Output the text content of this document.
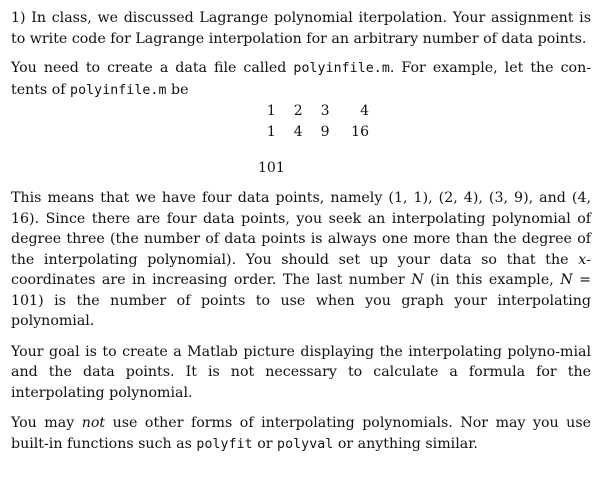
1) In class, we discussed Lagrange polynomial iterpolation. Your assignment is to write code for Lagrange interpolation for an arbitrary number of data points.

You need to create a data file called polyinfile.m. For example, let the con-tents of polyinfile.m be

1	2	3	4
1	4	9	16
101

This means that we have four data points, namely (1, 1), (2, 4), (3, 9), and (4, 16). Since there are four data points, you seek an interpolating polynomial of degree three (the number of data points is always one more than the degree of the interpolating polynomial). You should set up your data so that the x-coordinates are in increasing order. The last number N (in this example, N = 101) is the number of points to use when you graph your interpolating polynomial.

Your goal is to create a Matlab picture displaying the interpolating polyno-mial and the data points. It is not necessary to calculate a formula for the interpolating polynomial.

You may not use other forms of interpolating polynomials. Nor may you use built-in functions such as polyfit or polyval or anything similar.
